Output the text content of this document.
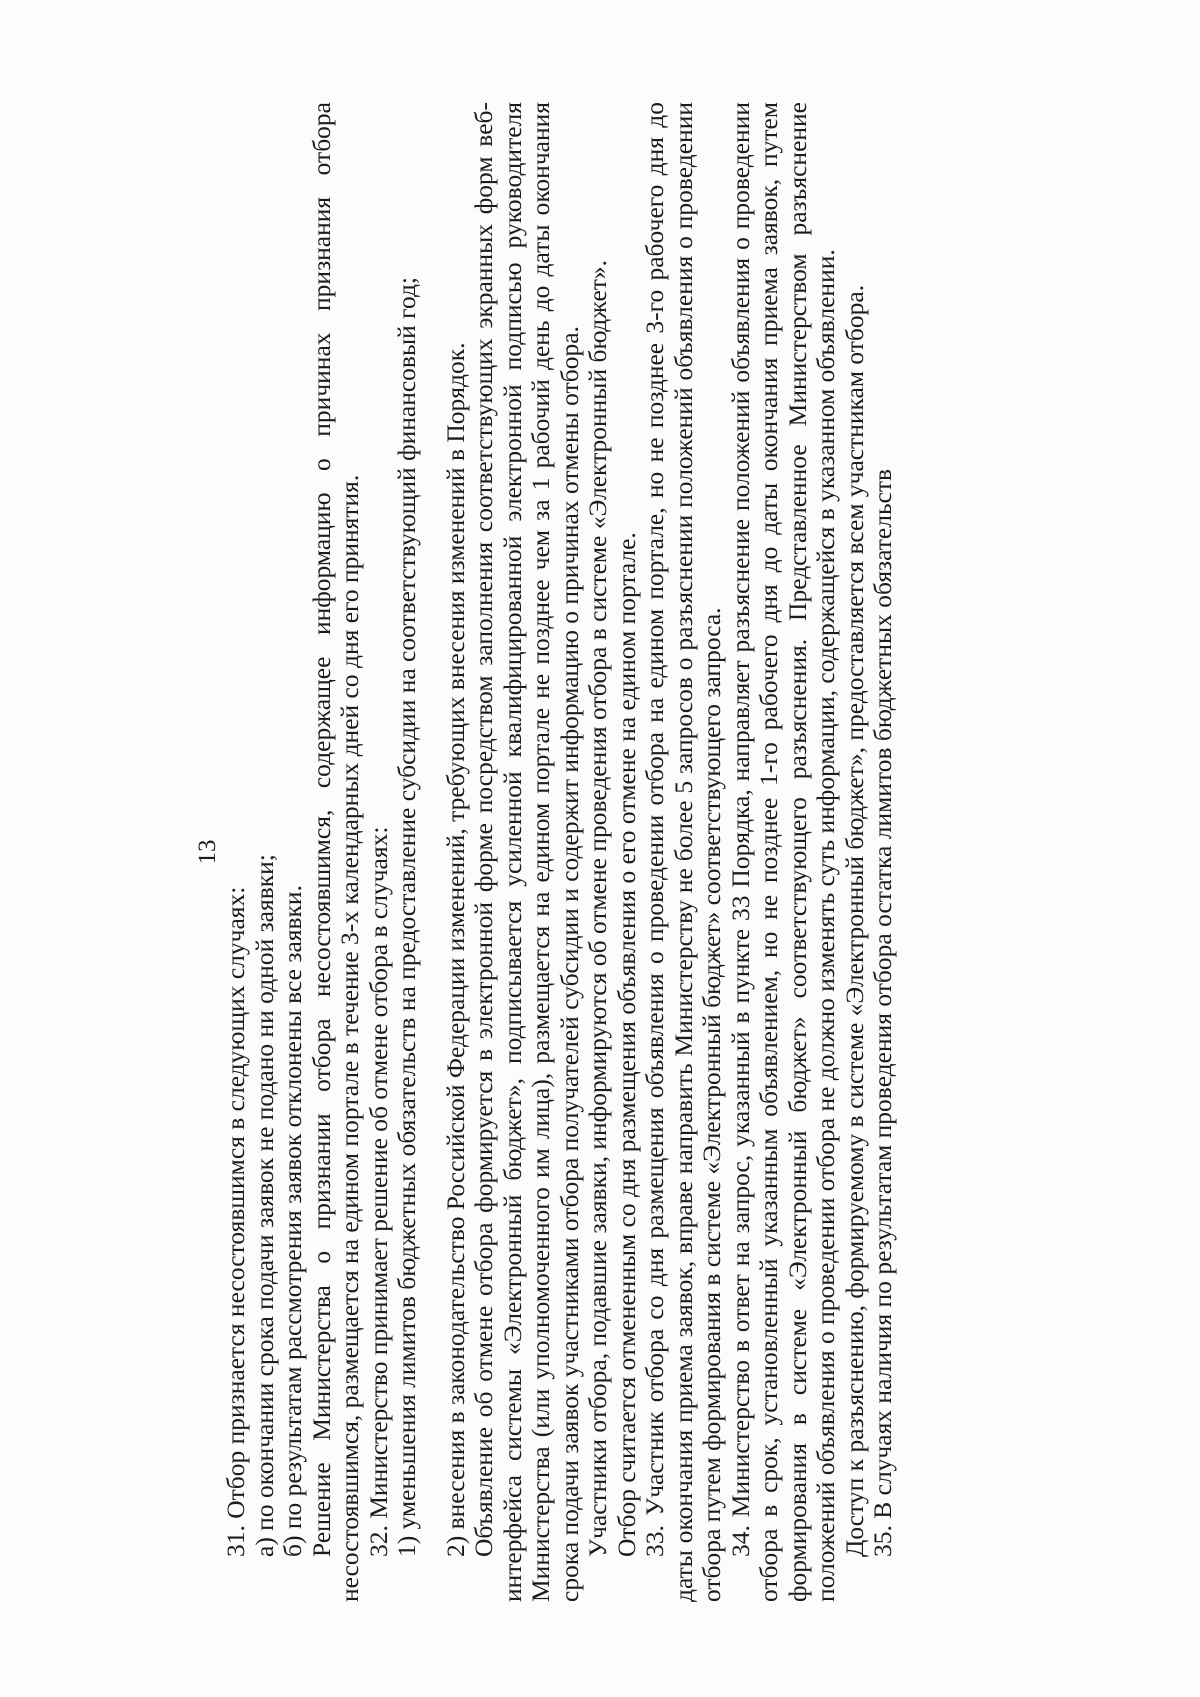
13

31. Отбор признается несостоявшимся в следующих случаях: а) по окончании срока подачи заявок не подано ни одной заявки; б) по результатам рассмотрения заявок отклонены все заявки. Решение Министерства о признании отбора несостоявшимся, содержащее информацию о причинах признания отбора несостоявшимся, размещается на едином портале в течение 3-х календарных дней со дня его принятия. 32. Министерство принимает решение об отмене отбора в случаях: 1) уменьшения лимитов бюджетных обязательств на предоставление субсидии на соответствующий финансовый год; 2) внесения в законодательство Российской Федерации изменений, требующих внесения изменений в Порядок. Объявление об отмене отбора формируется в электронной форме посредством заполнения соответствующих экранных форм веб-интерфейса системы «Электронный бюджет», подписывается усиленной квалифицированной электронной подписью руководителя Министерства (или уполномоченного им лица), размещается на едином портале не позднее чем за 1 рабочий день до даты окончания срока подачи заявок участниками отбора получателей субсидии и содержит информацию о причинах отмены отбора. Участники отбора, подавшие заявки, информируются об отмене проведения отбора в системе «Электронный бюджет». Отбор считается отмененным со дня размещения объявления о его отмене на едином портале. 33. Участник отбора со дня размещения объявления о проведении отбора на едином портале, но не позднее 3-го рабочего дня до даты окончания приема заявок, вправе направить Министерству не более 5 запросов о разъяснении положений объявления о проведении отбора путем формирования в системе «Электронный бюджет» соответствующего запроса. 34. Министерство в ответ на запрос, указанный в пункте 33 Порядка, направляет разъяснение положений объявления о проведении отбора в срок, установленный указанным объявлением, но не позднее 1-го рабочего дня до даты окончания приема заявок, путем формирования в системе «Электронный бюджет» соответствующего разъяснения. Представленное Министерством разъяснение положений объявления о проведении отбора не должно изменять суть информации, содержащейся в указанном объявлении. Доступ к разъяснению, формируемому в системе «Электронный бюджет», предоставляется всем участникам отбора. 35. В случаях наличия по результатам проведения отбора остатка лимитов бюджетных обязательств
